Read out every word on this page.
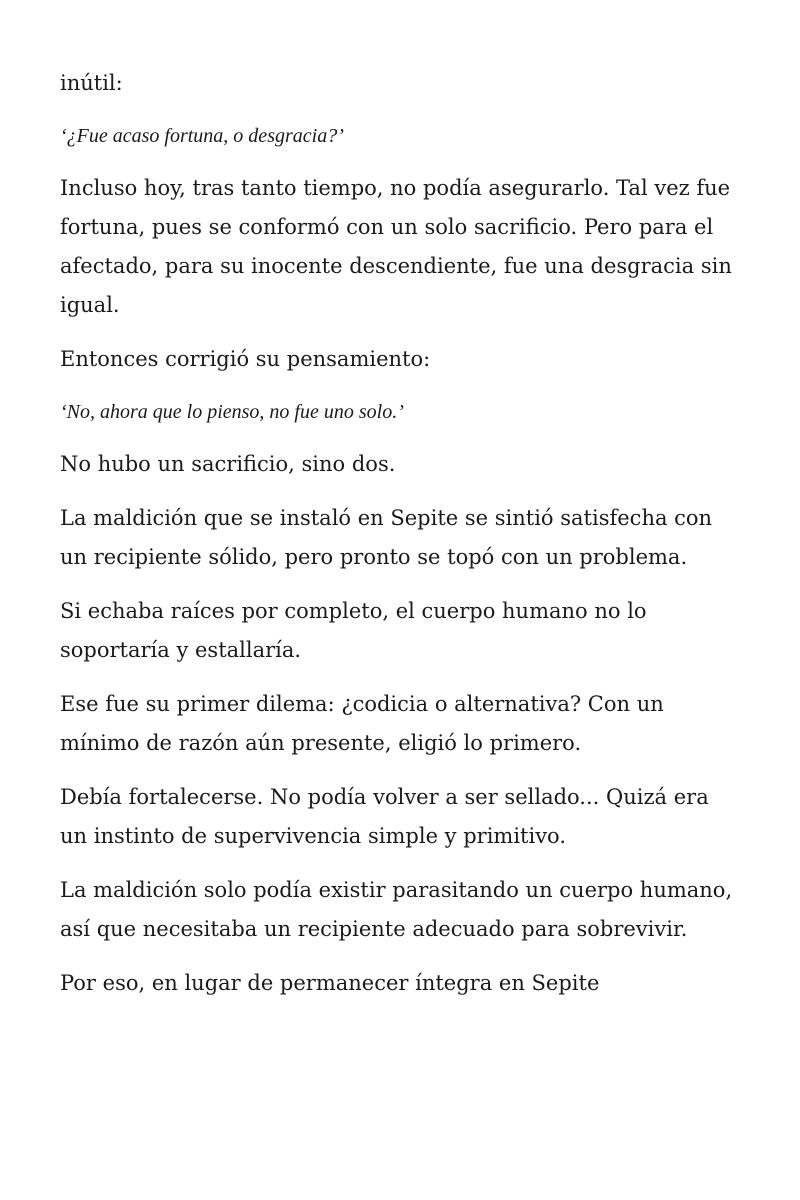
inútil:

‘¿Fue acaso fortuna, o desgracia?’

Incluso hoy, tras tanto tiempo, no podía asegurarlo. Tal vez fue fortuna, pues se conformó con un solo sacrificio. Pero para el afectado, para su inocente descendiente, fue una desgracia sin igual.

Entonces corrigió su pensamiento:

‘No, ahora que lo pienso, no fue uno solo.’

No hubo un sacrificio, sino dos.

La maldición que se instaló en Sepite se sintió satisfecha con un recipiente sólido, pero pronto se topó con un problema.

Si echaba raíces por completo, el cuerpo humano no lo soportaría y estallaría.

Ese fue su primer dilema: ¿codicia o alternativa? Con un mínimo de razón aún presente, eligió lo primero.

Debía fortalecerse. No podía volver a ser sellado... Quizá era un instinto de supervivencia simple y primitivo.

La maldición solo podía existir parasitando un cuerpo humano, así que necesitaba un recipiente adecuado para sobrevivir.

Por eso, en lugar de permanecer íntegra en Sepite
